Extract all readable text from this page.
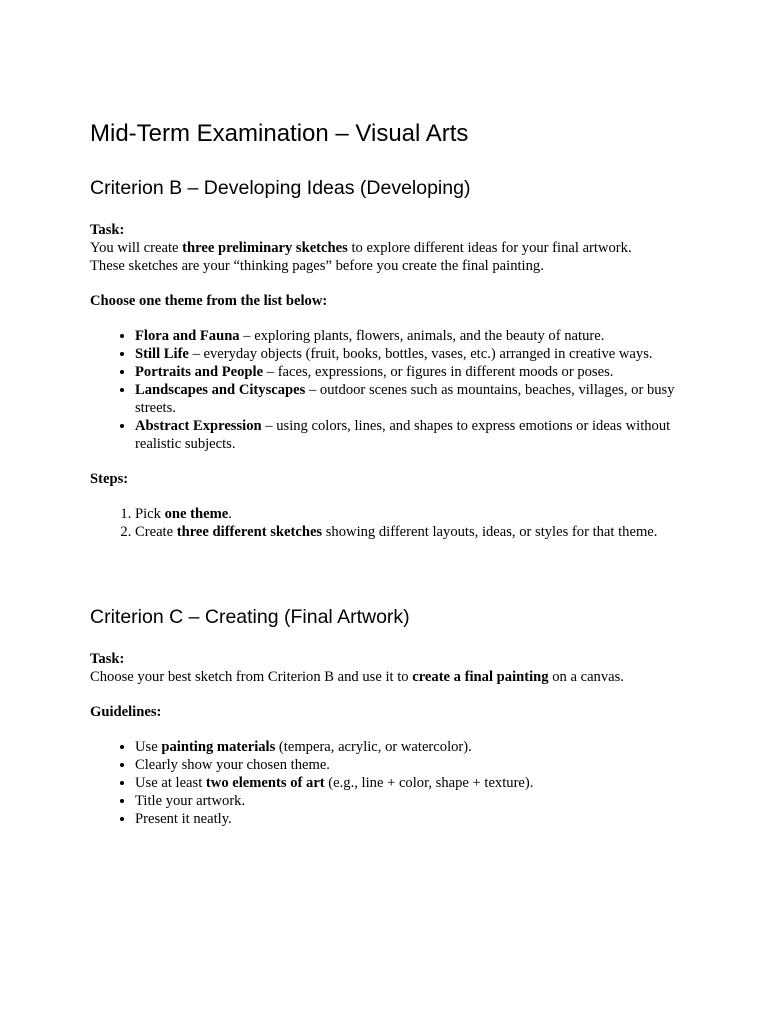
Mid-Term Examination – Visual Arts
Criterion B – Developing Ideas (Developing)

Task:

You will create three preliminary sketches to explore different ideas for your final artwork.

These sketches are your “thinking pages” before you create the final painting.

Choose one theme from the list below:

• Flora and Fauna – exploring plants, flowers, animals, and the beauty of nature.
• Still Life – everyday objects (fruit, books, bottles, vases, etc.) arranged in creative ways.
• Portraits and People – faces, expressions, or figures in different moods or poses.
• Landscapes and Cityscapes – outdoor scenes such as mountains, beaches, villages, or busy streets.
• Abstract Expression – using colors, lines, and shapes to express emotions or ideas without realistic subjects.

Steps:

1. Pick one theme.
2. Create three different sketches showing different layouts, ideas, or styles for that theme.
Criterion C – Creating (Final Artwork)

Task:

Choose your best sketch from Criterion B and use it to create a final painting on a canvas.

Guidelines:

• Use painting materials (tempera, acrylic, or watercolor).
• Clearly show your chosen theme.
• Use at least two elements of art (e.g., line + color, shape + texture).
• Title your artwork.
• Present it neatly.
